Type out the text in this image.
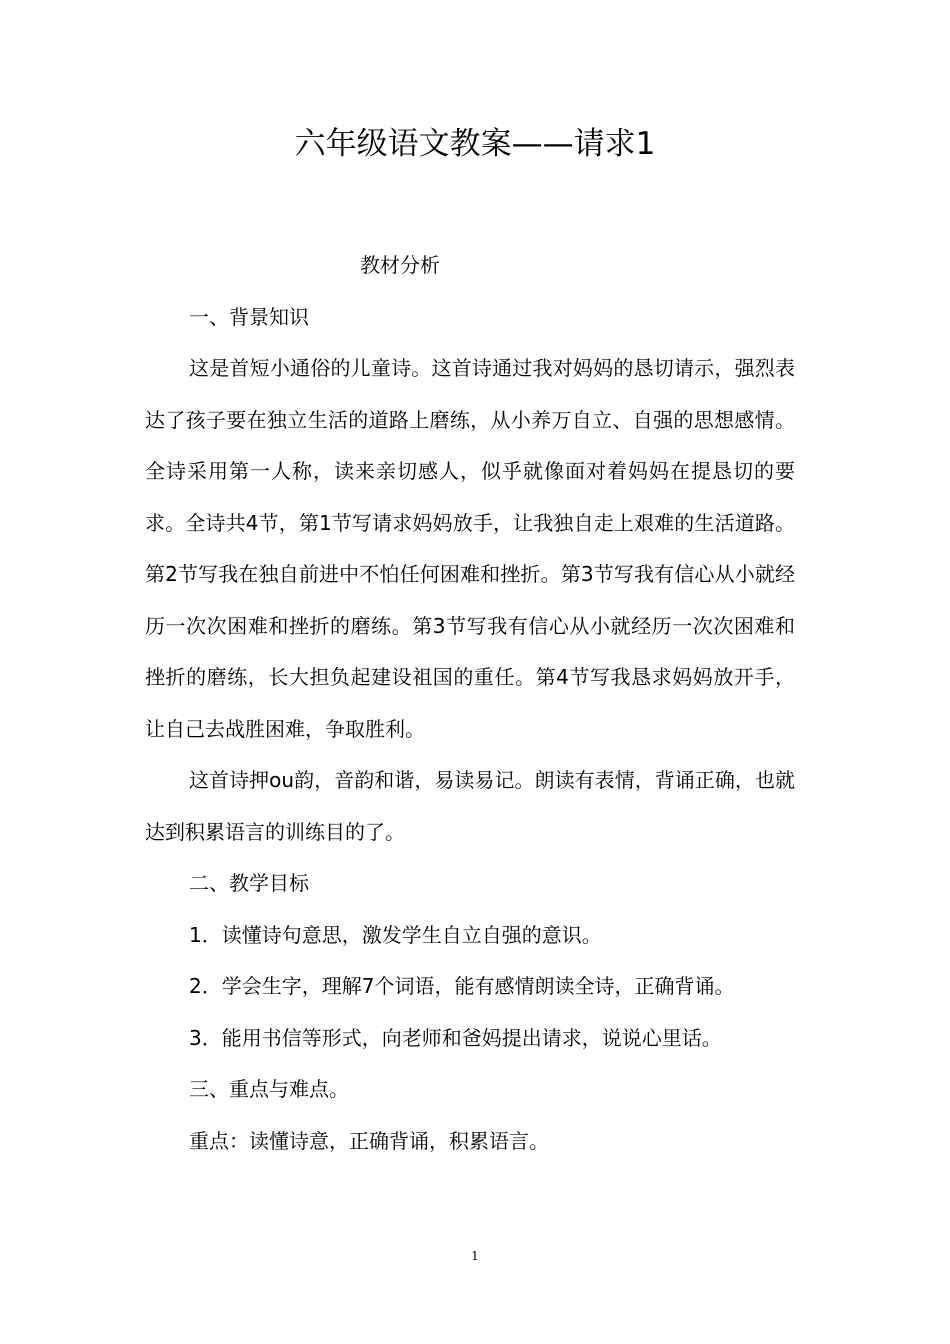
六年级语文教案——请求1

教材分析

一、背景知识

这是首短小通俗的儿童诗。这首诗通过我对妈妈的恳切请示，强烈表达了孩子要在独立生活的道路上磨练，从小养万自立、自强的思想感情。全诗采用第一人称，读来亲切感人，似乎就像面对着妈妈在提恳切的要求。全诗共4节，第1节写请求妈妈放手，让我独自走上艰难的生活道路。第2节写我在独自前进中不怕任何困难和挫折。第3节写我有信心从小就经历一次次困难和挫折的磨练。第3节写我有信心从小就经历一次次困难和挫折的磨练，长大担负起建设祖国的重任。第4节写我恳求妈妈放开手，让自己去战胜困难，争取胜利。

这首诗押ou韵，音韵和谐，易读易记。朗读有表情，背诵正确，也就达到积累语言的训练目的了。

二、教学目标

1．读懂诗句意思，激发学生自立自强的意识。

2．学会生字，理解7个词语，能有感情朗读全诗，正确背诵。

3．能用书信等形式，向老师和爸妈提出请求，说说心里话。

三、重点与难点。

重点：读懂诗意，正确背诵，积累语言。

1
